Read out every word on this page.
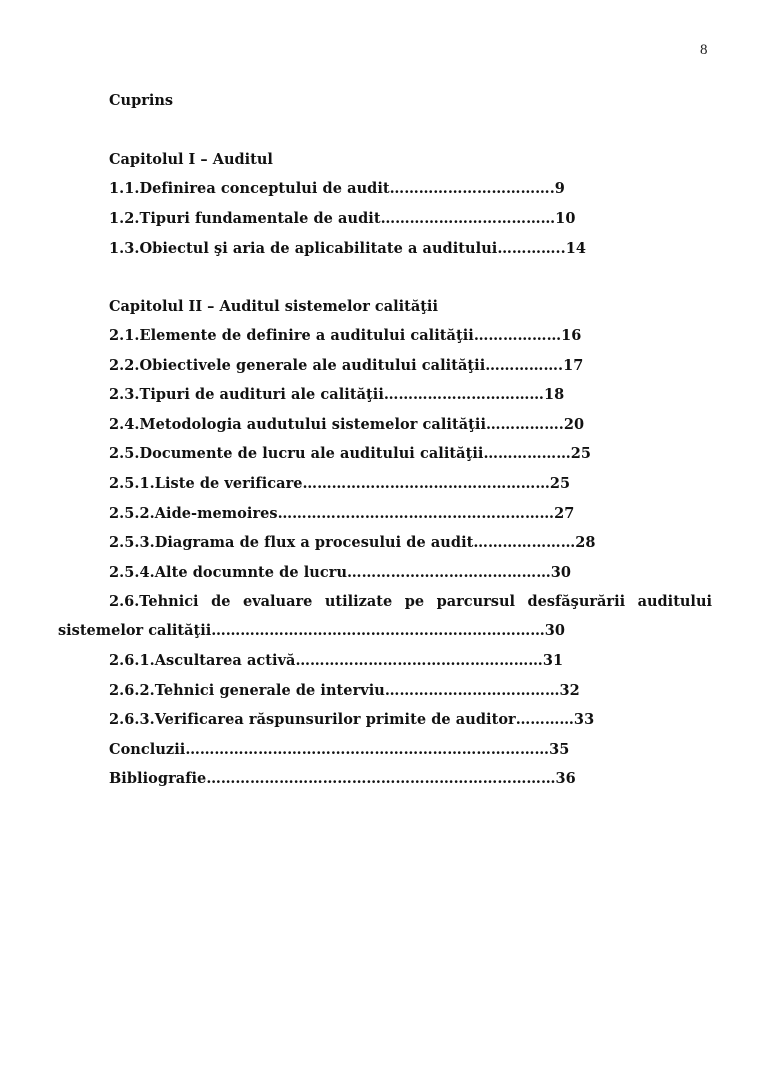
8
Cuprins
Capitolul I – Auditul
1.1.Definirea conceptului de audit…………………………….9
1.2.Tipuri fundamentale de audit………………………………10
1.3.Obiectul şi aria de aplicabilitate a auditului…………..14
Capitolul II – Auditul sistemelor calităţii
2.1.Elemente de definire a auditului calităţii………………16
2.2.Obiectivele generale ale auditului calităţii…………….17
2.3.Tipuri de audituri ale calităţii……………………………18
2.4.Metodologia audutului sistemelor calităţii…………….20
2.5.Documente de lucru ale auditului calităţii………………25
2.5.1.Liste de verificare……………………………………………25
2.5.2.Aide-memoires…………………………………………………27
2.5.3.Diagrama de flux a procesului de audit…………………28
2.5.4.Alte documnte de lucru……………………………………30
2.6.Tehnici de evaluare utilizate pe parcursul desfăşurării auditului
sistemelor calităţii……………………………………………………………30
2.6.1.Ascultarea activă……………………………………………31
2.6.2.Tehnici generale de interviu………………………………32
2.6.3.Verificarea răspunsurilor primite de auditor…………33
Concluzii…………………………………………………………………35
Bibliografie………………………………………………………………36
